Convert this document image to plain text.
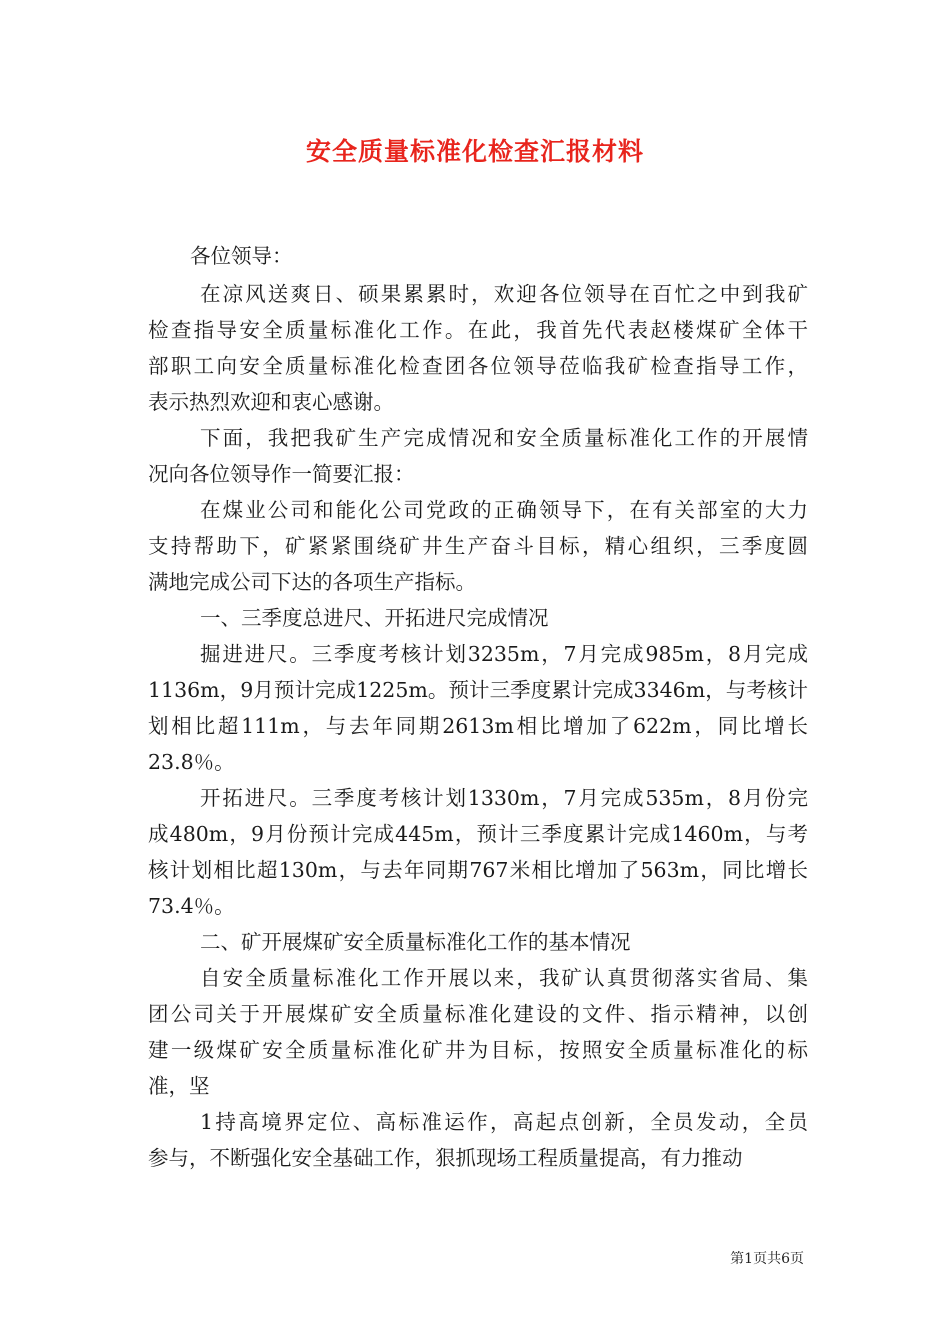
安全质量标准化检查汇报材料
各位领导：
在凉风送爽日、硕果累累时，欢迎各位领导在百忙之中到我矿
检查指导安全质量标准化工作。在此，我首先代表赵楼煤矿全体干
部职工向安全质量标准化检查团各位领导莅临我矿检查指导工作，
表示热烈欢迎和衷心感谢。
下面，我把我矿生产完成情况和安全质量标准化工作的开展情
况向各位领导作一简要汇报：
在煤业公司和能化公司党政的正确领导下，在有关部室的大力
支持帮助下，矿紧紧围绕矿井生产奋斗目标，精心组织，三季度圆
满地完成公司下达的各项生产指标。
一、三季度总进尺、开拓进尺完成情况
掘进进尺。三季度考核计划3235m，7月完成985m，8月完成
1136m，9月预计完成1225m。预计三季度累计完成3346m，与考核计
划相比超111m，与去年同期2613m相比增加了622m，同比增长
23.8％。
开拓进尺。三季度考核计划1330m，7月完成535m，8月份完
成480m，9月份预计完成445m，预计三季度累计完成1460m，与考
核计划相比超130m，与去年同期767米相比增加了563m，同比增长
73.4％。
二、矿开展煤矿安全质量标准化工作的基本情况
自安全质量标准化工作开展以来，我矿认真贯彻落实省局、集
团公司关于开展煤矿安全质量标准化建设的文件、指示精神，以创
建一级煤矿安全质量标准化矿井为目标，按照安全质量标准化的标
准，坚
1持高境界定位、高标准运作，高起点创新，全员发动，全员
参与，不断强化安全基础工作，狠抓现场工程质量提高，有力推动
第1页共6页
